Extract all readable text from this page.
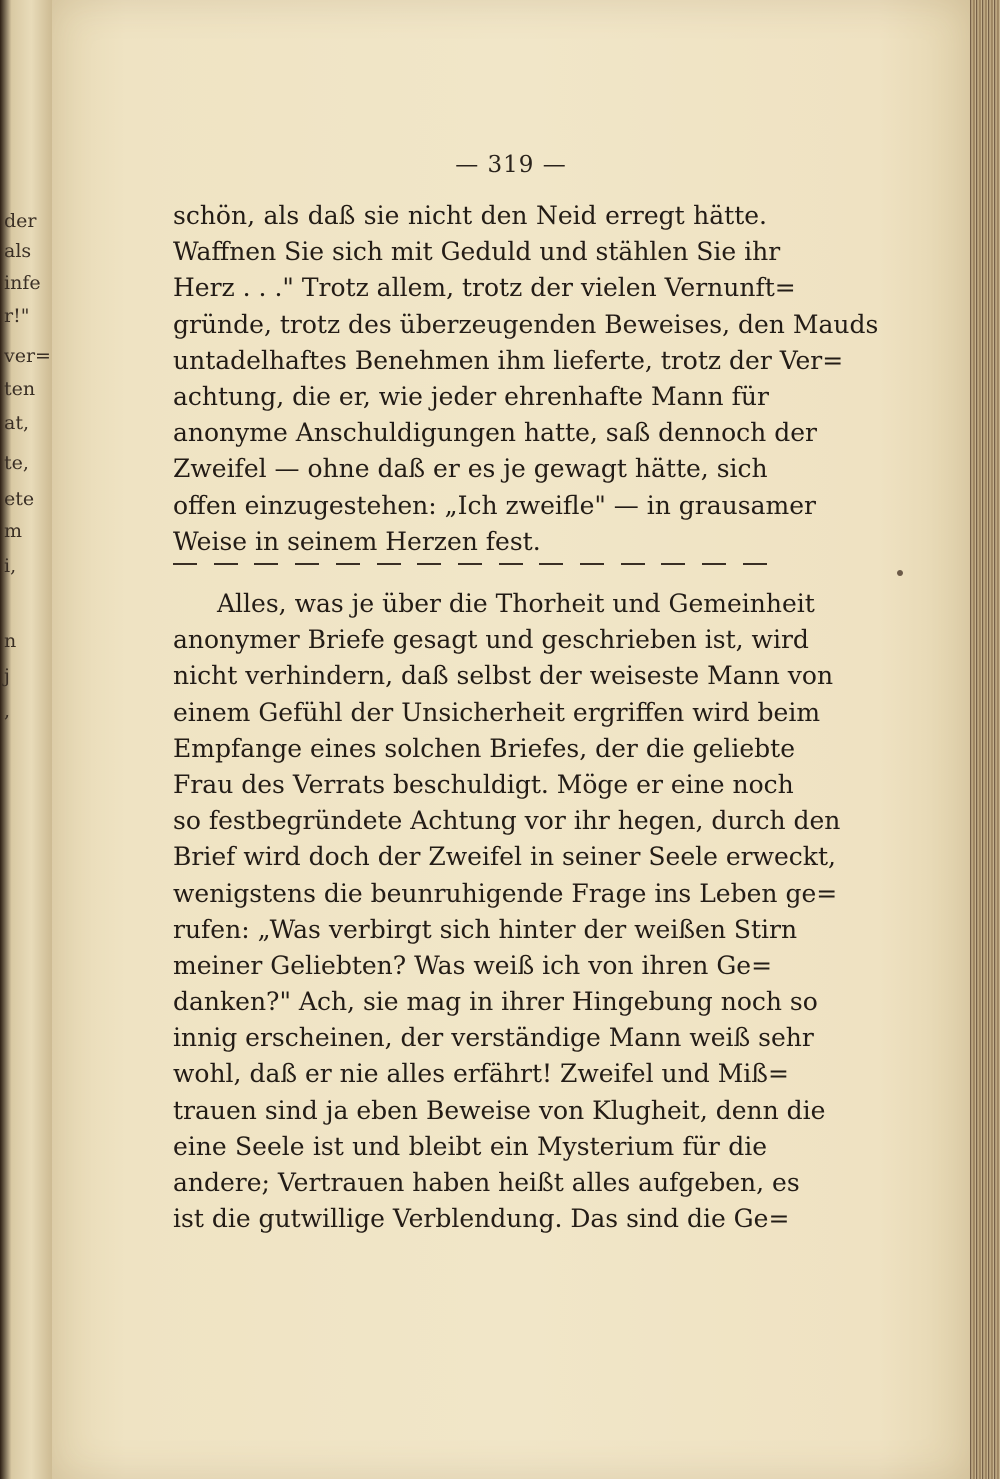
der
als
infe
r!"
ver=
ten
at,
te,
ete
m
i,
n
j
,
— 319 —
schön, als daß sie nicht den Neid erregt hätte.
Waffnen Sie sich mit Geduld und stählen Sie ihr
Herz . . ." Trotz allem, trotz der vielen Vernunft=
gründe, trotz des überzeugenden Beweises, den Mauds
untadelhaftes Benehmen ihm lieferte, trotz der Ver=
achtung, die er, wie jeder ehrenhafte Mann für
anonyme Anschuldigungen hatte, saß dennoch der
Zweifel — ohne daß er es je gewagt hätte, sich
offen einzugestehen: „Ich zweifle" — in grausamer
Weise in seinem Herzen fest.
Alles, was je über die Thorheit und Gemeinheit
anonymer Briefe gesagt und geschrieben ist, wird
nicht verhindern, daß selbst der weiseste Mann von
einem Gefühl der Unsicherheit ergriffen wird beim
Empfange eines solchen Briefes, der die geliebte
Frau des Verrats beschuldigt. Möge er eine noch
so festbegründete Achtung vor ihr hegen, durch den
Brief wird doch der Zweifel in seiner Seele erweckt,
wenigstens die beunruhigende Frage ins Leben ge=
rufen: „Was verbirgt sich hinter der weißen Stirn
meiner Geliebten? Was weiß ich von ihren Ge=
danken?" Ach, sie mag in ihrer Hingebung noch so
innig erscheinen, der verständige Mann weiß sehr
wohl, daß er nie alles erfährt! Zweifel und Miß=
trauen sind ja eben Beweise von Klugheit, denn die
eine Seele ist und bleibt ein Mysterium für die
andere; Vertrauen haben heißt alles aufgeben, es
ist die gutwillige Verblendung. Das sind die Ge=
